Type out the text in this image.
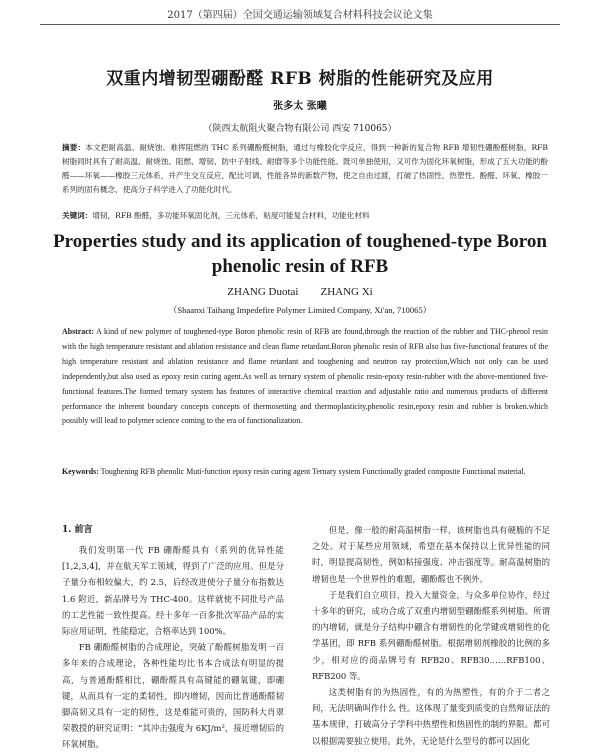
2017（第四届）全国交通运输领域复合材料科技会议论文集
双重内增韧型硼酚醛 RFB 树脂的性能研究及应用
张多太 张曦
（陕西太航阻火聚合物有限公司 西安 710065）
摘要：本文把耐高温、耐烧蚀、难挥阻燃的 THC 系列硼酚醛树脂，通过与橡胶化学反应，得到一种新的复合物 RFB 增韧性硼酚醛树脂，RFB 树脂同时具有了耐高温、耐烧蚀、阻燃、增韧、防中子射线、耐磨等多个功能性能。既可单独使用，又可作为固化环氧树脂，形成了五大功能的酚醛——环氧——橡胶三元体系，并产生交互反应，配比可调，性能各异的新数产物，使之自由过渡，打破了热固性、热塑性、酚醛、环氧、橡胶一系列的固有概念，使高分子科学进入了功能化时代。
关键词：增韧，RFB 酚醛，多功能环氧固化剂，三元体系，粘度可能复合材料，功能化材料
Properties study and its application of toughened-type Boron phenolic resin of RFB
ZHANG Duotai ZHANG Xi
（Shaanxi Taihang Impedefire Polymer Limited Company, Xi'an, 710065）
Abstract: A kind of new polymer of toughened-type Boron phenolic resin of RFB are found,through the reaction of the rubber and THC-phenol resin with the high temperature resistant and ablation resistance and clean flame retardant.Boron phenolic resin of RFB also has five-functional features of the high temperature resistant and ablation resistance and flame retardant and toughening and neutron ray protection,Which not only can be used independently,but also used as epoxy resin curing agent.As well as ternary system of phenolic resin-epoxy resin-rubber with the above-mentioned five-functional features.The formed ternary system has features of interactive chemical reaction and adjustable ratio and numerous products of different performance the inherent boundary concepts concepts of thermosetting and thermoplasticity,phenolic resin,epoxy resin and rubber is broken.which possibly will lead to polymer science coming to the era of functionalization.
Keywords: Toughening RFB phenolic Muti-function epoxy resin curing agent Ternary system Functionally graded composite Functional material.
1. 前言

我们发明第一代 FB 硼酚醛具有（系列的优异性能[1,2,3,4]，并在航天军工领域，得到了广泛的应用。但是分子量分布相较偏大，约 2.5，后经改进使分子量分布指数达 1.6 附近，新品牌号为 THC-400。这样就使不同批号产品的工艺性能一致性提高。经十多年一百多批次军品产品的实际应用证明，性能稳定，合格率达到 100%。

FB 硼酚醛树脂的合成理论，突破了酚醛树脂发明一百多年来的合成理论，各种性能均比书本合成法有明显的提高，与普通酚醛相比，硼酚醛具有高键能的硼氧键，即硼键，从而具有一定的柔韧性，即内增韧，因而比普通酚醛韧脚高韧又具有一定的韧性，这是难能可贵的，国防科大肖翠荣教授的研究证明：“其冲击强度为 6KJ/m²，接近增韧后的环氧树脂。

但是，像一般的耐高温树脂一样，该树脂也具有硬脆的不足之处。对于某些应用领域，希望在基本保持以上优异性能的同时，明显提高韧性，例如粘接强度、冲击强度等。耐高温树脂的增韧也是一个世界性的难题，硼酚醛也不例外。

于是我们自立项目，投入大量资金，与众多单位协作，经过十多年的研究，成功合成了双重内增韧型硼酚醛系列树脂。所谓的内增韧，就是分子结构中硼含有增韧性的化学键或增韧性的化学基团，即 RFB 系列硼酚醛树脂。根据增韧剂橡胶的比例的多少，相对应的商品牌号有 RFB20、RFB30……RFB100、RFB200 等。

这类树脂有的为热固性，有的为热塑性，有的介于二者之间，无法明确叫作什么 性。这体现了量变到质变的自然辩证法的基本规律，打破高分子学科中热塑性和热固性的制约界限。都可以根据需要独立使用。此外，无论是什么型号的都可以固化
